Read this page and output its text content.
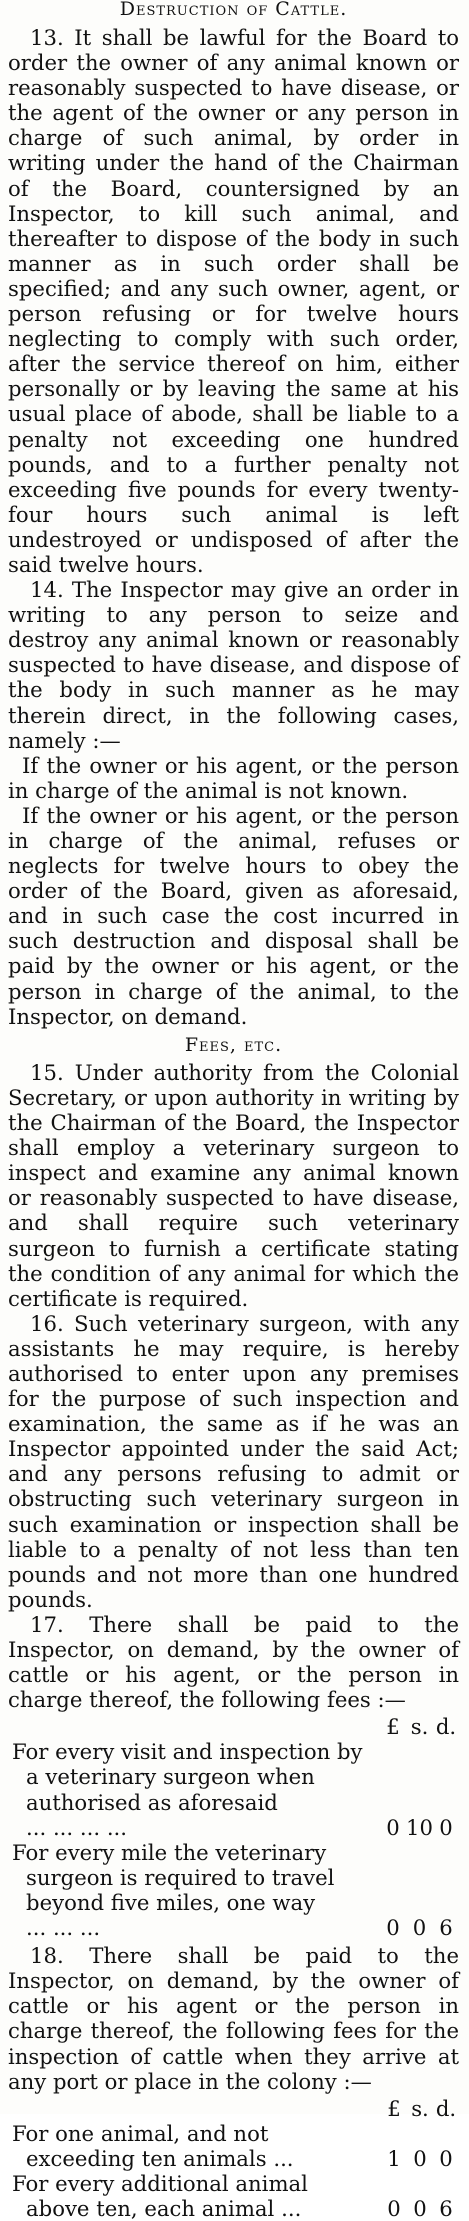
Destruction of Cattle.

13. It shall be lawful for the Board to order the owner of any animal known or reasonably suspected to have disease, or the agent of the owner or any person in charge of such animal, by order in writing under the hand of the Chairman of the Board, countersigned by an Inspector, to kill such animal, and thereafter to dispose of the body in such manner as in such order shall be specified; and any such owner, agent, or person refusing or for twelve hours neglecting to comply with such order, after the service thereof on him, either personally or by leaving the same at his usual place of abode, shall be liable to a penalty not exceeding one hundred pounds, and to a further penalty not exceeding five pounds for every twenty-four hours such animal is left undestroyed or undisposed of after the said twelve hours.

14. The Inspector may give an order in writing to any person to seize and destroy any animal known or reasonably suspected to have disease, and dispose of the body in such manner as he may therein direct, in the following cases, namely :—

If the owner or his agent, or the person in charge of the animal is not known.

If the owner or his agent, or the person in charge of the animal, refuses or neglects for twelve hours to obey the order of the Board, given as aforesaid, and in such case the cost incurred in such destruction and disposal shall be paid by the owner or his agent, or the person in charge of the animal, to the Inspector, on demand.

Fees, etc.

15. Under authority from the Colonial Secretary, or upon authority in writing by the Chairman of the Board, the Inspector shall employ a veterinary surgeon to inspect and examine any animal known or reasonably suspected to have disease, and shall require such veterinary surgeon to furnish a certificate stating the condition of any animal for which the certificate is required.

16. Such veterinary surgeon, with any assistants he may require, is hereby authorised to enter upon any premises for the purpose of such inspection and examination, the same as if he was an Inspector appointed under the said Act; and any persons refusing to admit or obstructing such veterinary surgeon in such examination or inspection shall be liable to a penalty of not less than ten pounds and not more than one hundred pounds.

17. There shall be paid to the Inspector, on demand, by the owner of cattle or his agent, or the person in charge thereof, the following fees :—

	£	s.	d.
For every visit and inspection by a veterinary surgeon when authorised as aforesaid ... ... ... ...	0	10	0
For every mile the veterinary surgeon is required to travel beyond five miles, one way ... ... ...	0	0	6

18. There shall be paid to the Inspector, on demand, by the owner of cattle or his agent or the person in charge thereof, the following fees for the inspection of cattle when they arrive at any port or place in the colony :—

	£	s.	d.
For one animal, and not exceeding ten animals ...	1	0	0
For every additional animal above ten, each animal ...	0	0	6
